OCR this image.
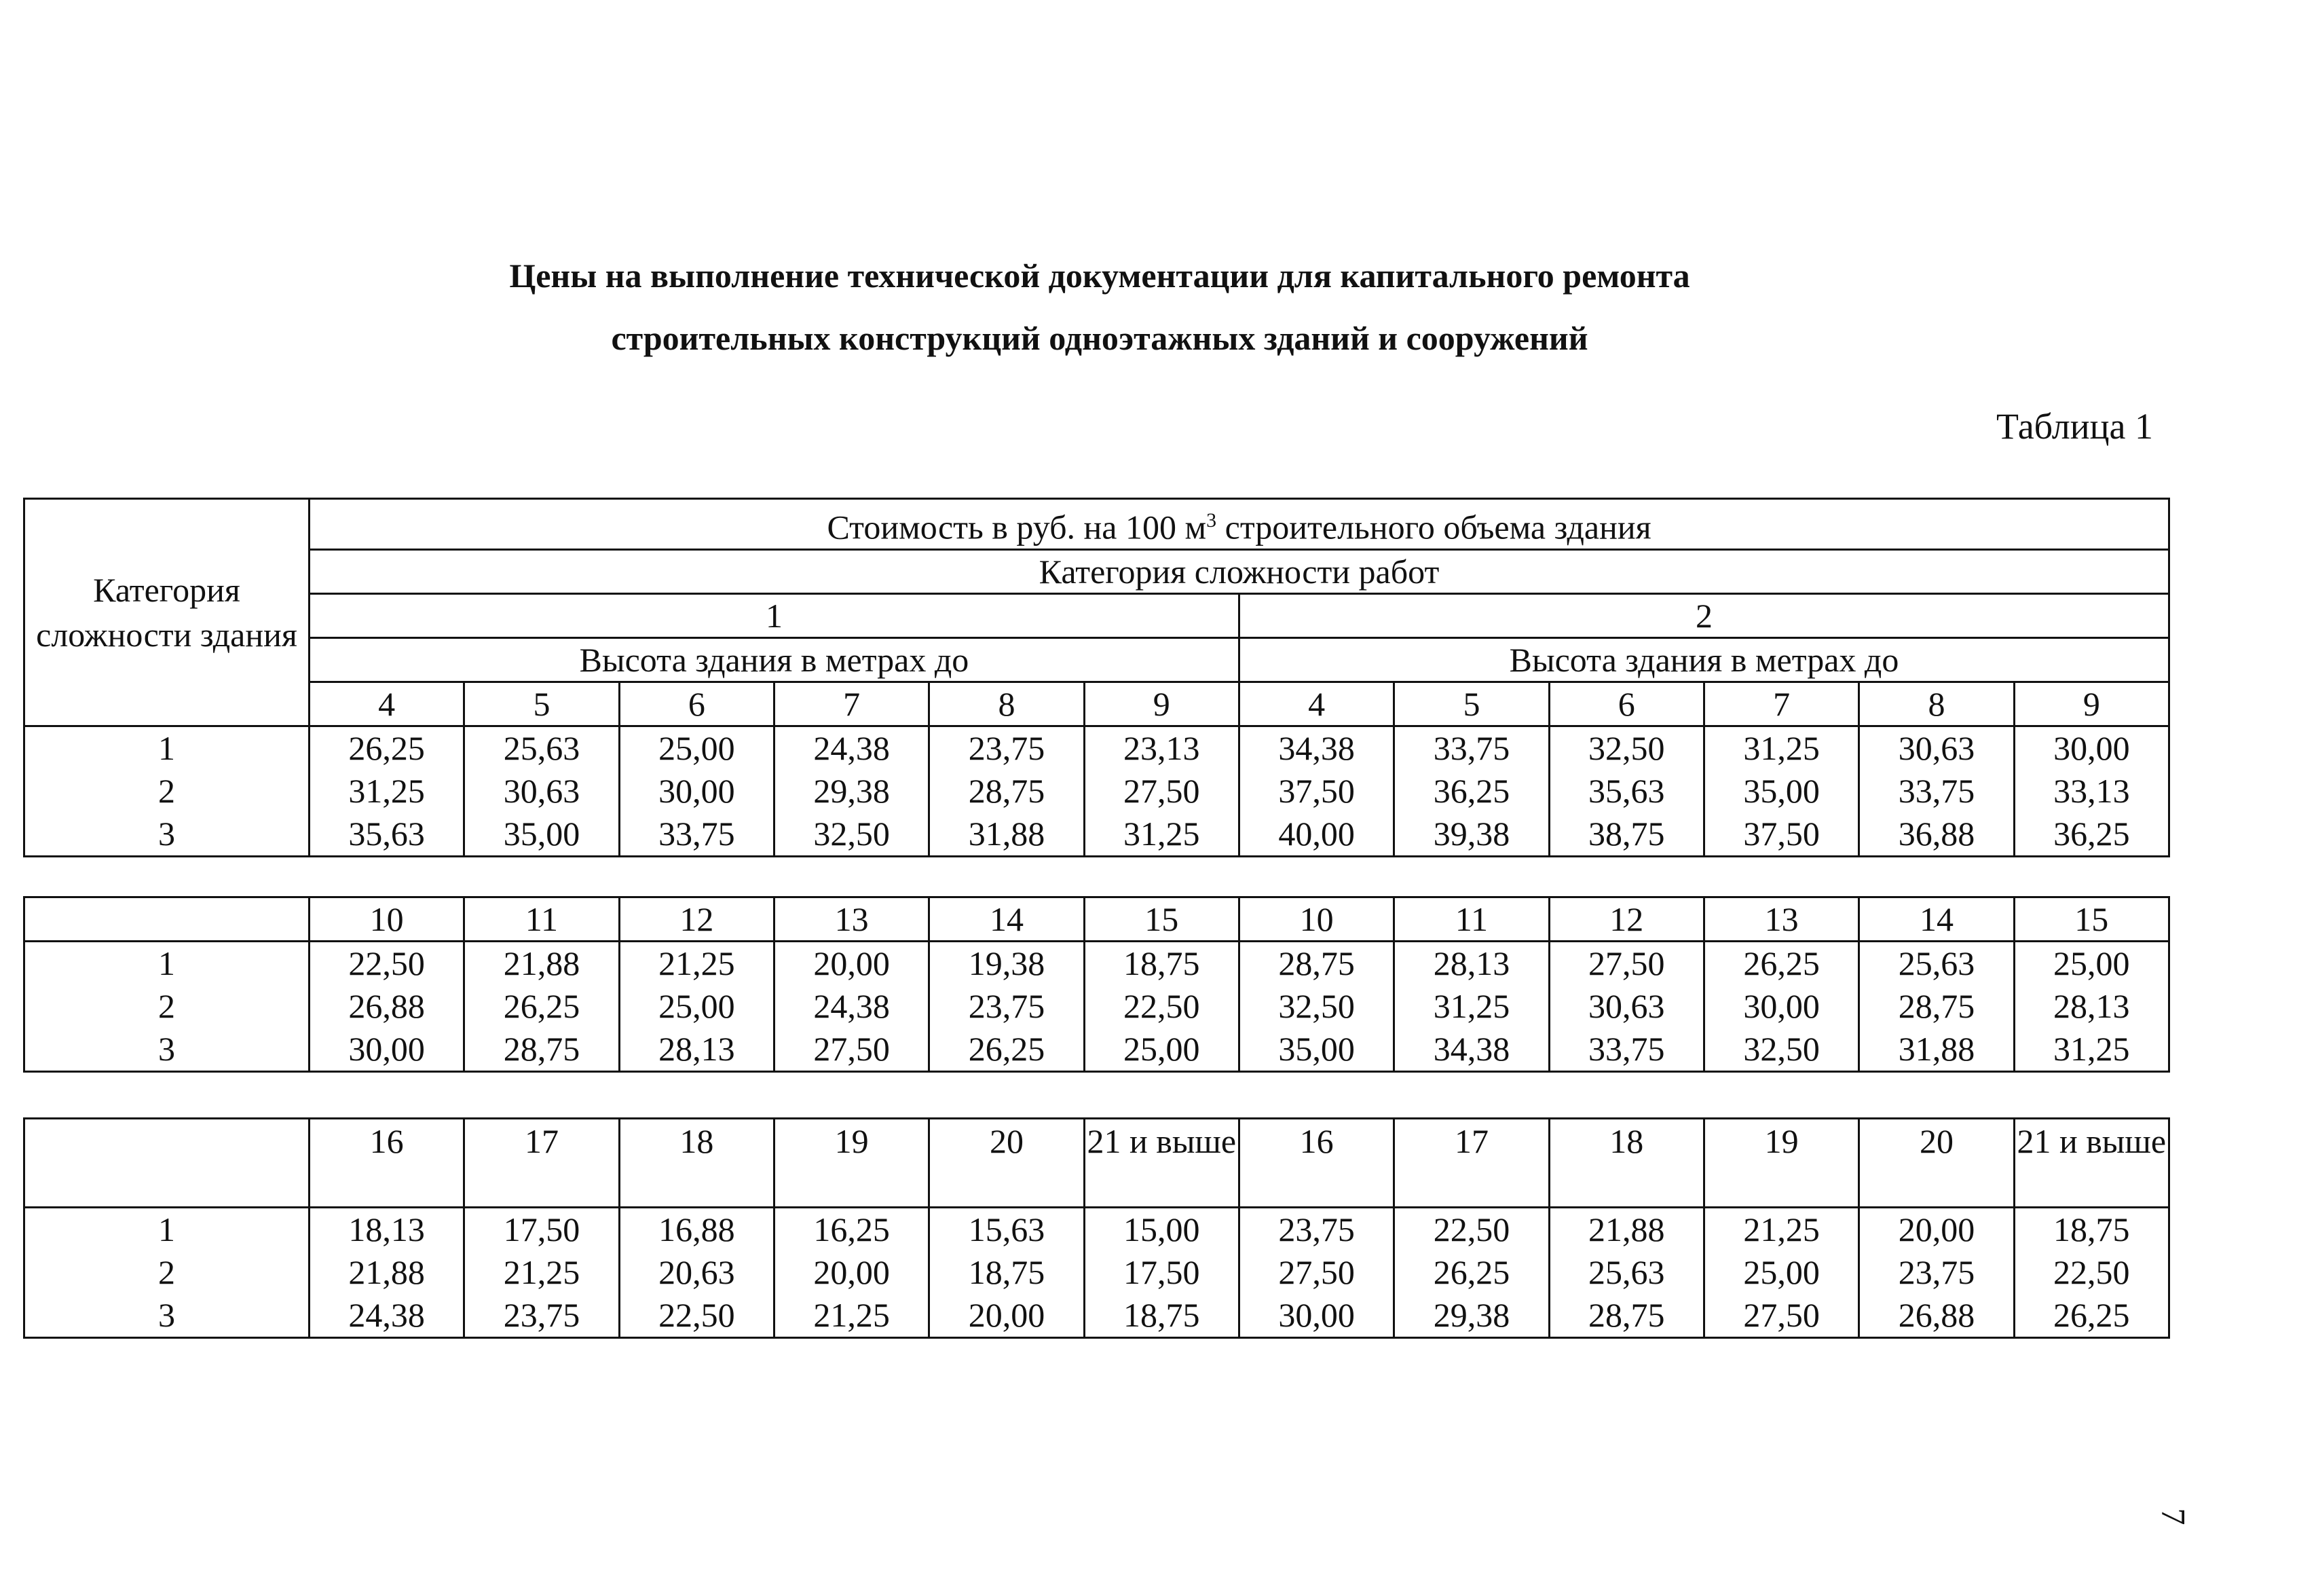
Цены на выполнение технической документации для капитального ремонта
строительных конструкций одноэтажных зданий и сооружений
Таблица 1
Категория сложности здания	Стоимость в руб. на 100 $м^3$ строительного объема здания											
	Категория сложности работ											
	1						2					
	Высота здания в метрах до						Высота здания в метрах до					
	4	5	6	7	8	9	4	5	6	7	8	9
1	26,25	25,63	25,00	24,38	23,75	23,13	34,38	33,75	32,50	31,25	30,63	30,00
2	31,25	30,63	30,00	29,38	28,75	27,50	37,50	36,25	35,63	35,00	33,75	33,13
3	35,63	35,00	33,75	32,50	31,88	31,25	40,00	39,38	38,75	37,50	36,88	36,25
	10	11	12	13	14	15	10	11	12	13	14	15
1	22,50	21,88	21,25	20,00	19,38	18,75	28,75	28,13	27,50	26,25	25,63	25,00
2	26,88	26,25	25,00	24,38	23,75	22,50	32,50	31,25	30,63	30,00	28,75	28,13
3	30,00	28,75	28,13	27,50	26,25	25,00	35,00	34,38	33,75	32,50	31,88	31,25
	16	17	18	19	20	21 и выше	16	17	18	19	20	21 и выше
1	18,13	17,50	16,88	16,25	15,63	15,00	23,75	22,50	21,88	21,25	20,00	18,75
2	21,88	21,25	20,63	20,00	18,75	17,50	27,50	26,25	25,63	25,00	23,75	22,50
3	24,38	23,75	22,50	21,25	20,00	18,75	30,00	29,38	28,75	27,50	26,88	26,25
7
